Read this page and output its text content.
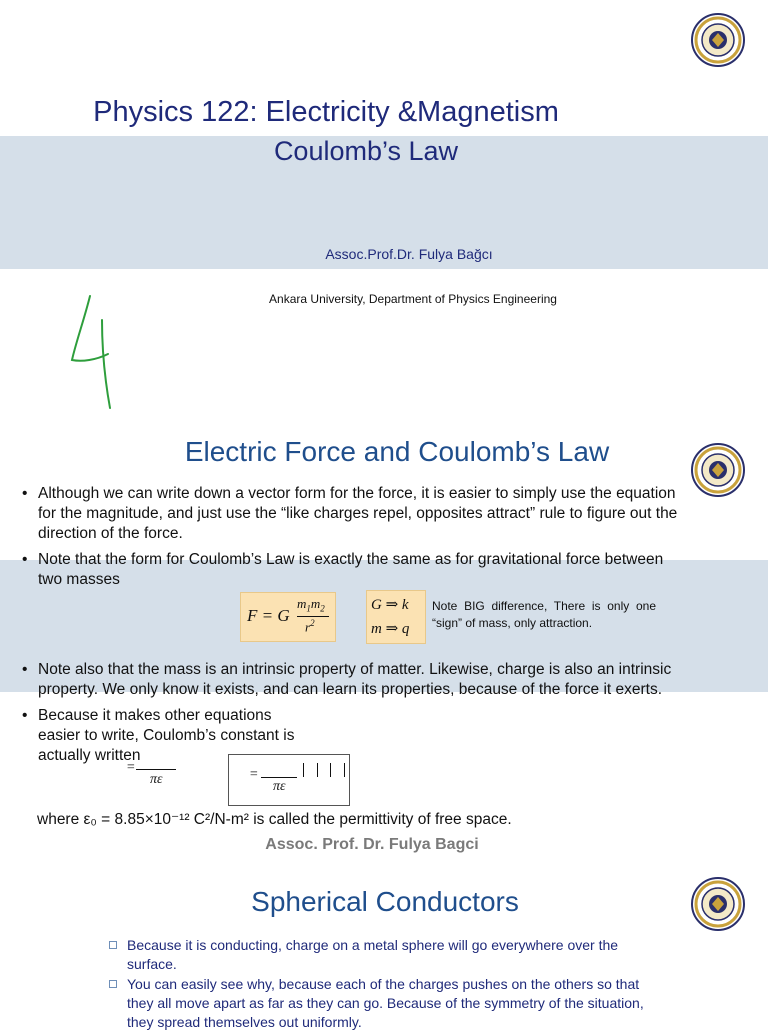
Physics 122: Electricity &Magnetism
Coulomb’s Law
Assoc.Prof.Dr. Fulya Bağcı
Ankara University, Department of Physics Engineering
Electric Force and Coulomb’s Law
• Although we can write down a vector form for the force, it is easier to simply use the equation for the magnitude, and just use the “like charges repel, opposites attract” rule to figure out the direction of the force.
• Note that the form for Coulomb’s Law is exactly the same as for gravitational force between two masses
• Note also that the mass is an intrinsic property of matter. Likewise, charge is also an intrinsic property. We only know it exists, and can learn its properties, because of the force it exerts.
• Because it makes other equations easier to write, Coulomb’s constant is actually written
F = G
$m_1m_2$
$r^2$
G ⇒ k
m ⇒ q
Note BIG difference, There is only one “sign” of mass, only attraction.
=
πε	=
πε
where ε₀ = 8.85×10⁻¹² C²/N-m² is called the permittivity of free space.
Assoc. Prof. Dr. Fulya Bagci
Spherical Conductors
Because it is conducting, charge on a metal sphere will go everywhere over the surface.
You can easily see why, because each of the charges pushes on the others so that they all move apart as far as they can go. Because of the symmetry of the situation, they spread themselves out uniformly.
